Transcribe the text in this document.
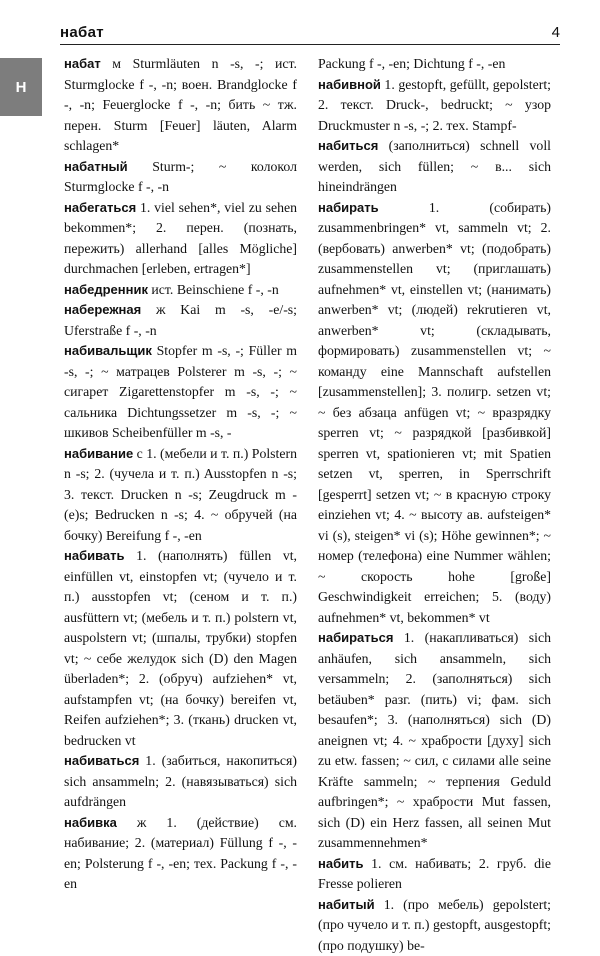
набат	4
Н

набат м Sturmläuten n -s, -; ист. Sturmglocke f -, -n; воен. Brandglocke f -, -n; Feuerglocke f -, -n; бить ~ тж. перен. Sturm [Feuer] läuten, Alarm schlagen*

набатный Sturm-; ~ колокол Sturmglocke f -, -n

набегаться 1. viel sehen*, viel zu sehen bekommen*; 2. перен. (познать, пережить) allerhand [alles Mögliche] durchmachen [erleben, ertragen*]

набедренник ист. Beinschiene f -, -n

набережная ж Kai m -s, -e/-s; Uferstraße f -, -n

набивальщик Stopfer m -s, -; Füller m -s, -; ~ матрацев Polsterer m -s, -; ~ сигарет Zigarettenstopfer m -s, -; ~ сальника Dichtungssetzer m -s, -; ~ шкивов Scheibenfüller m -s, -

набивание с 1. (мебели и т. п.) Polstern n -s; 2. (чучела и т. п.) Ausstopfen n -s; 3. текст. Drucken n -s; Zeugdruck m -(e)s; Bedrucken n -s; 4. ~ обручей (на бочку) Bereifung f -, -en

набивать 1. (наполнять) füllen vt, einfüllen vt, einstopfen vt; (чучело и т. п.) ausstopfen vt; (сеном и т. п.) ausfüttern vt; (мебель и т. п.) polstern vt, auspolstern vt; (шпалы, трубки) stopfen vt; ~ себе желудок sich (D) den Magen überladen*; 2. (обруч) aufziehen* vt, aufstampfen vt; (на бочку) bereifen vt, Reifen aufziehen*; 3. (ткань) drucken vt, bedrucken vt

набиваться 1. (забиться, накопиться) sich ansammeln; 2. (навязываться) sich aufdrängen

набивка ж 1. (действие) см. набивание; 2. (материал) Füllung f -, -en; Polsterung f -, -en; тех. Packung f -, -en

Packung f -, -en; Dichtung f -, -en

набивной 1. gestopft, gefüllt, gepolstert; 2. текст. Druck-, bedruckt; ~ узор Druckmuster n -s, -; 2. тех. Stampf-

набиться (заполниться) schnell voll werden, sich füllen; ~ в... sich hineindrängen

набирать 1. (собирать) zusammenbringen* vt, sammeln vt; 2. (вербовать) anwerben* vt; (подобрать) zusammenstellen vt; (приглашать) aufnehmen* vt, einstellen vt; (нанимать) anwerben* vt; (людей) rekrutieren vt, anwerben* vt; (складывать, формировать) zusammenstellen vt; ~ команду eine Mannschaft aufstellen [zusammenstellen]; 3. полигр. setzen vt; ~ без абзаца anfügen vt; ~ вразрядку sperren vt; ~ разрядкой [разбивкой] sperren vt, spationieren vt; mit Spatien setzen vt, sperren, in Sperrschrift [gesperrt] setzen vt; ~ в красную строку einziehen vt; 4. ~ высоту ав. aufsteigen* vi (s), steigen* vi (s); Höhe gewinnen*; ~ номер (телефона) eine Nummer wählen; ~ скорость hohe [große] Geschwindigkeit erreichen; 5. (воду) aufnehmen* vt, bekommen* vt

набираться 1. (накапливаться) sich anhäufen, sich ansammeln, sich versammeln; 2. (заполняться) sich betäuben* разг. (пить) vi; фам. sich besaufen*; 3. (наполняться) sich (D) aneignen vt; 4. ~ храбрости [духу] sich zu etw. fassen; ~ сил, с силами alle seine Kräfte sammeln; ~ терпения Geduld aufbringen*; ~ храбрости Mut fassen, sich (D) ein Herz fassen, all seinen Mut zusammennehmen*

набить 1. см. набивать; 2. груб. die Fresse polieren

набитый 1. (про мебель) gepolstert; (про чучело и т. п.) gestopft, ausgestopft; (про подушку) be-
